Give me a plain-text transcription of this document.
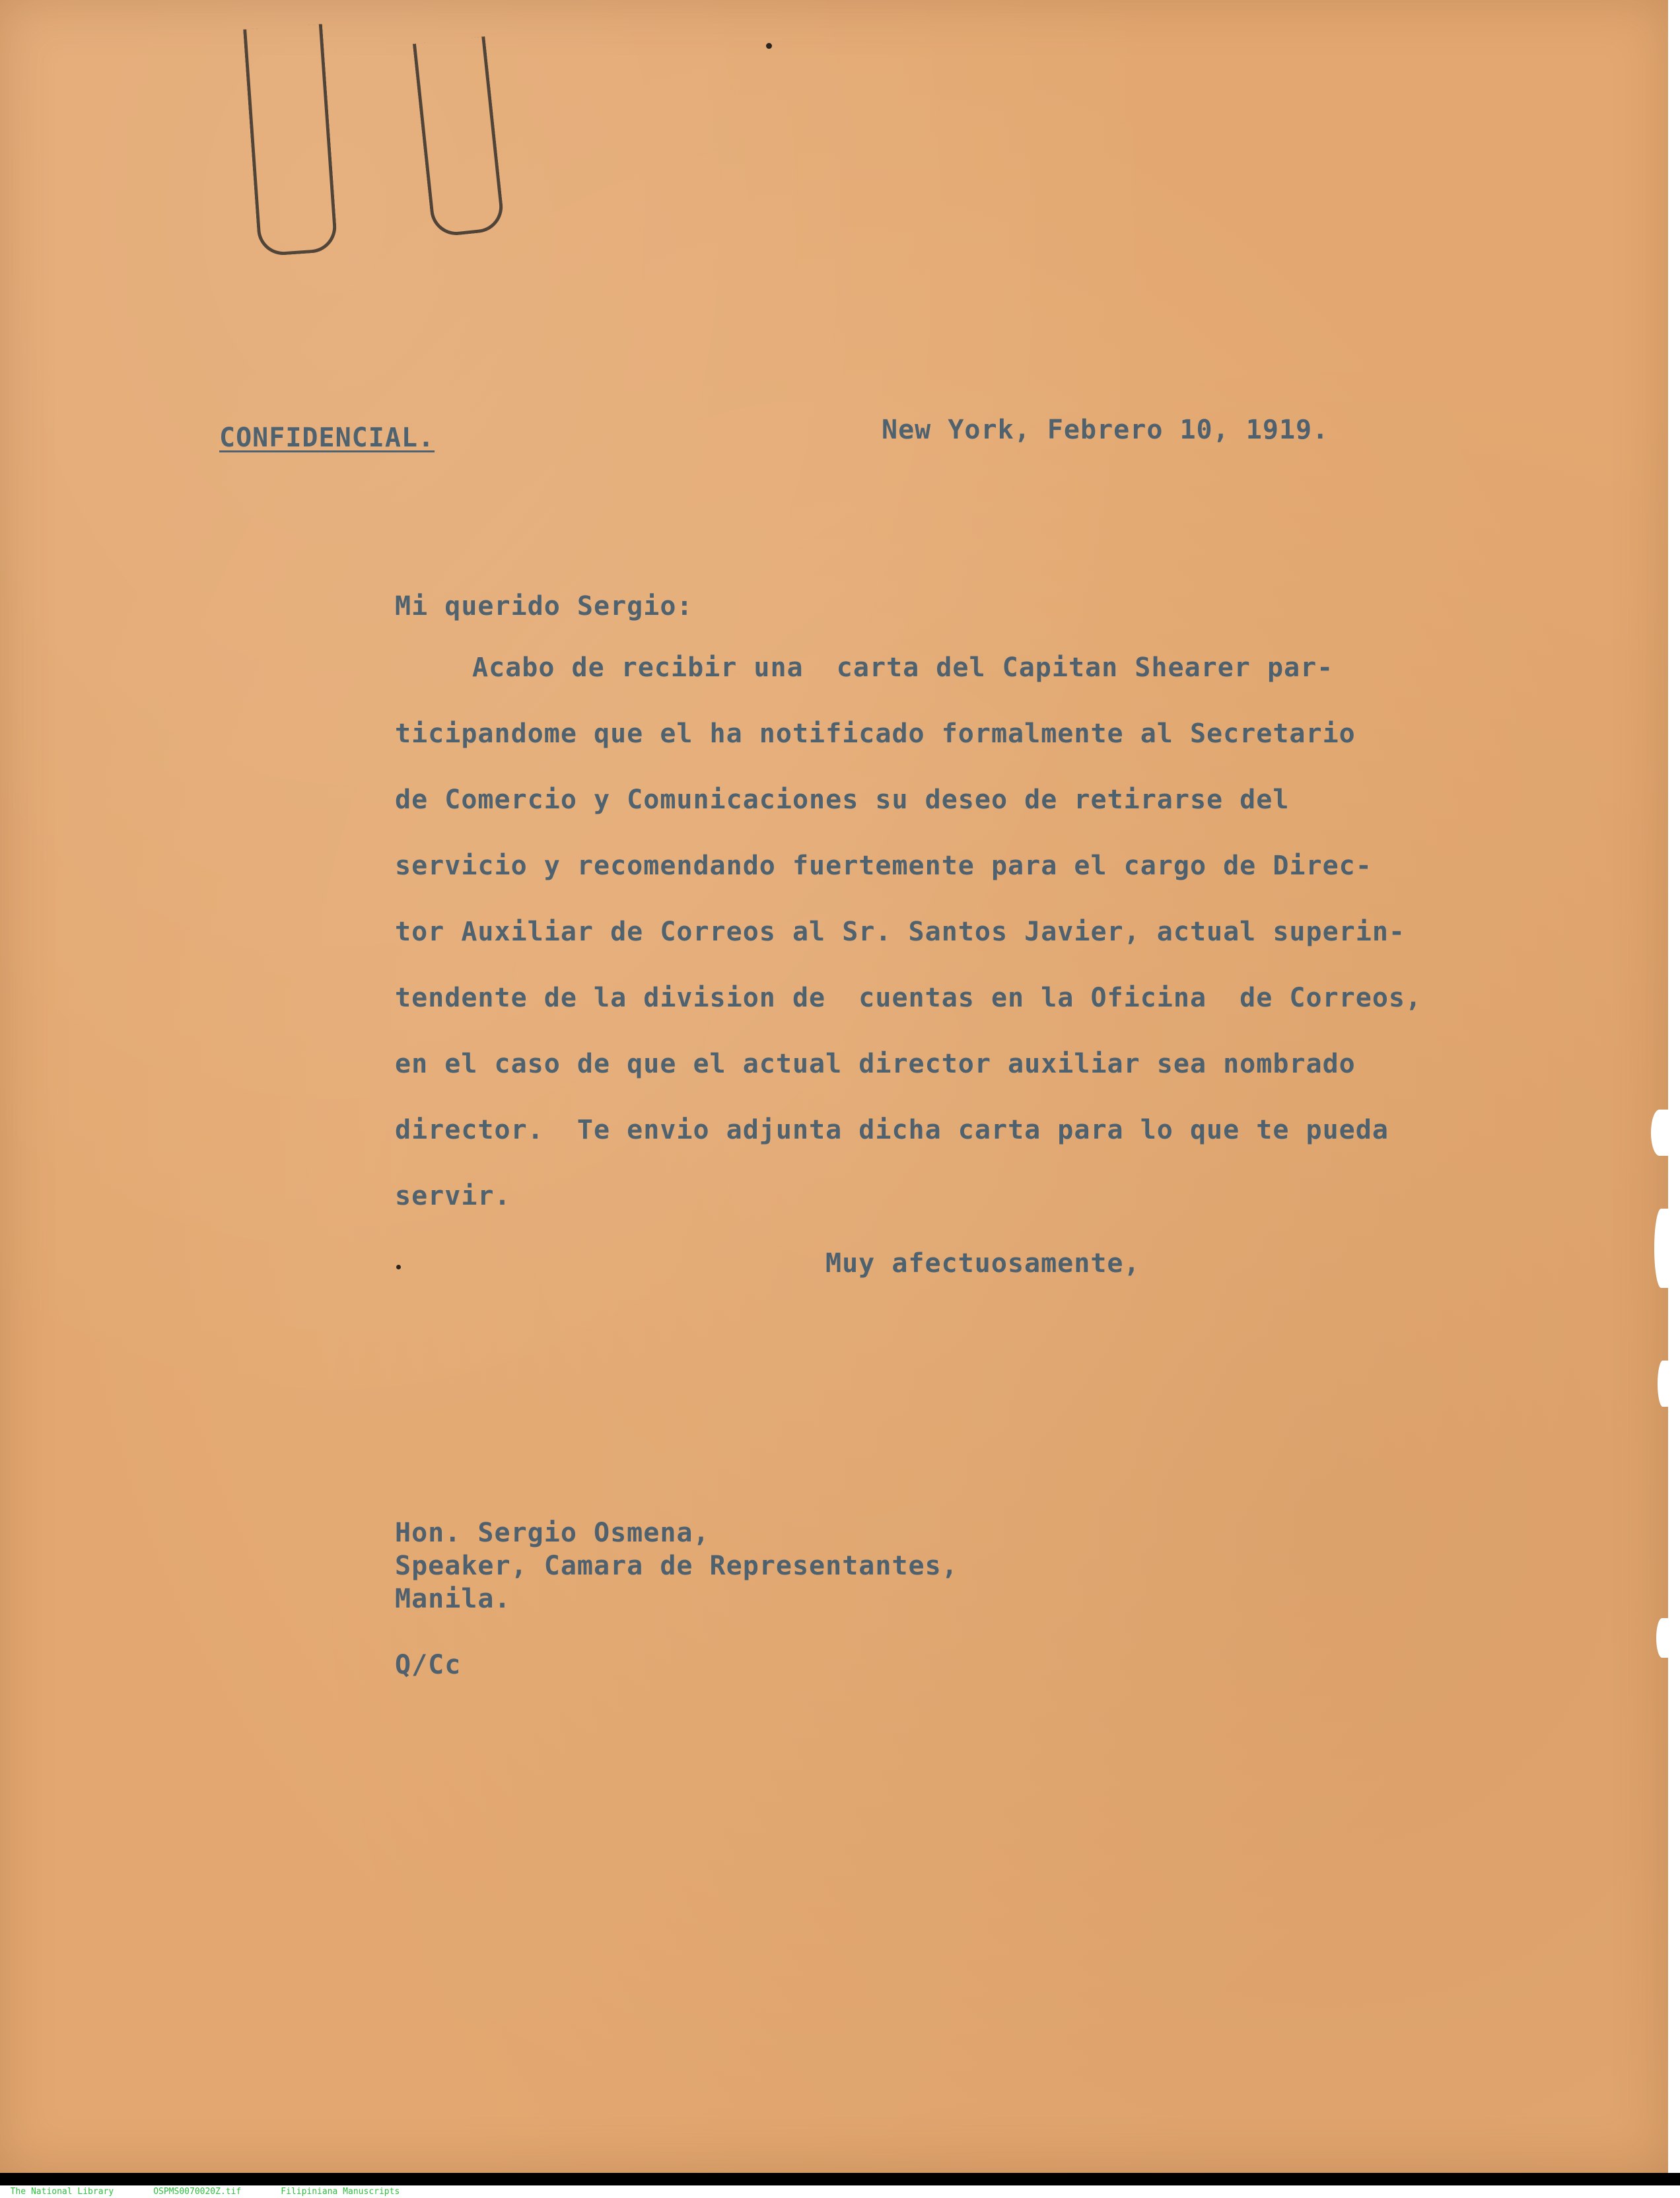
CONFIDENCIAL.	New York, Febrero 10, 1919.
Mi querido Sergio:
Acabo de recibir una  carta del Capitan Shearer par-
ticipandome que el ha notificado formalmente al Secretario
de Comercio y Comunicaciones su deseo de retirarse del
servicio y recomendando fuertemente para el cargo de Direc-
tor Auxiliar de Correos al Sr. Santos Javier, actual superin-
tendente de la division de  cuentas en la Oficina  de Correos,
en el caso de que el actual director auxiliar sea nombrado
director.  Te envio adjunta dicha carta para lo que te pueda
servir.
Muy afectuosamente,
Hon. Sergio Osmena,
Speaker, Camara de Representantes,
Manila.
Q/Cc

The National Library	OSPMS0070020Z.tif	Filipiniana Manuscripts
